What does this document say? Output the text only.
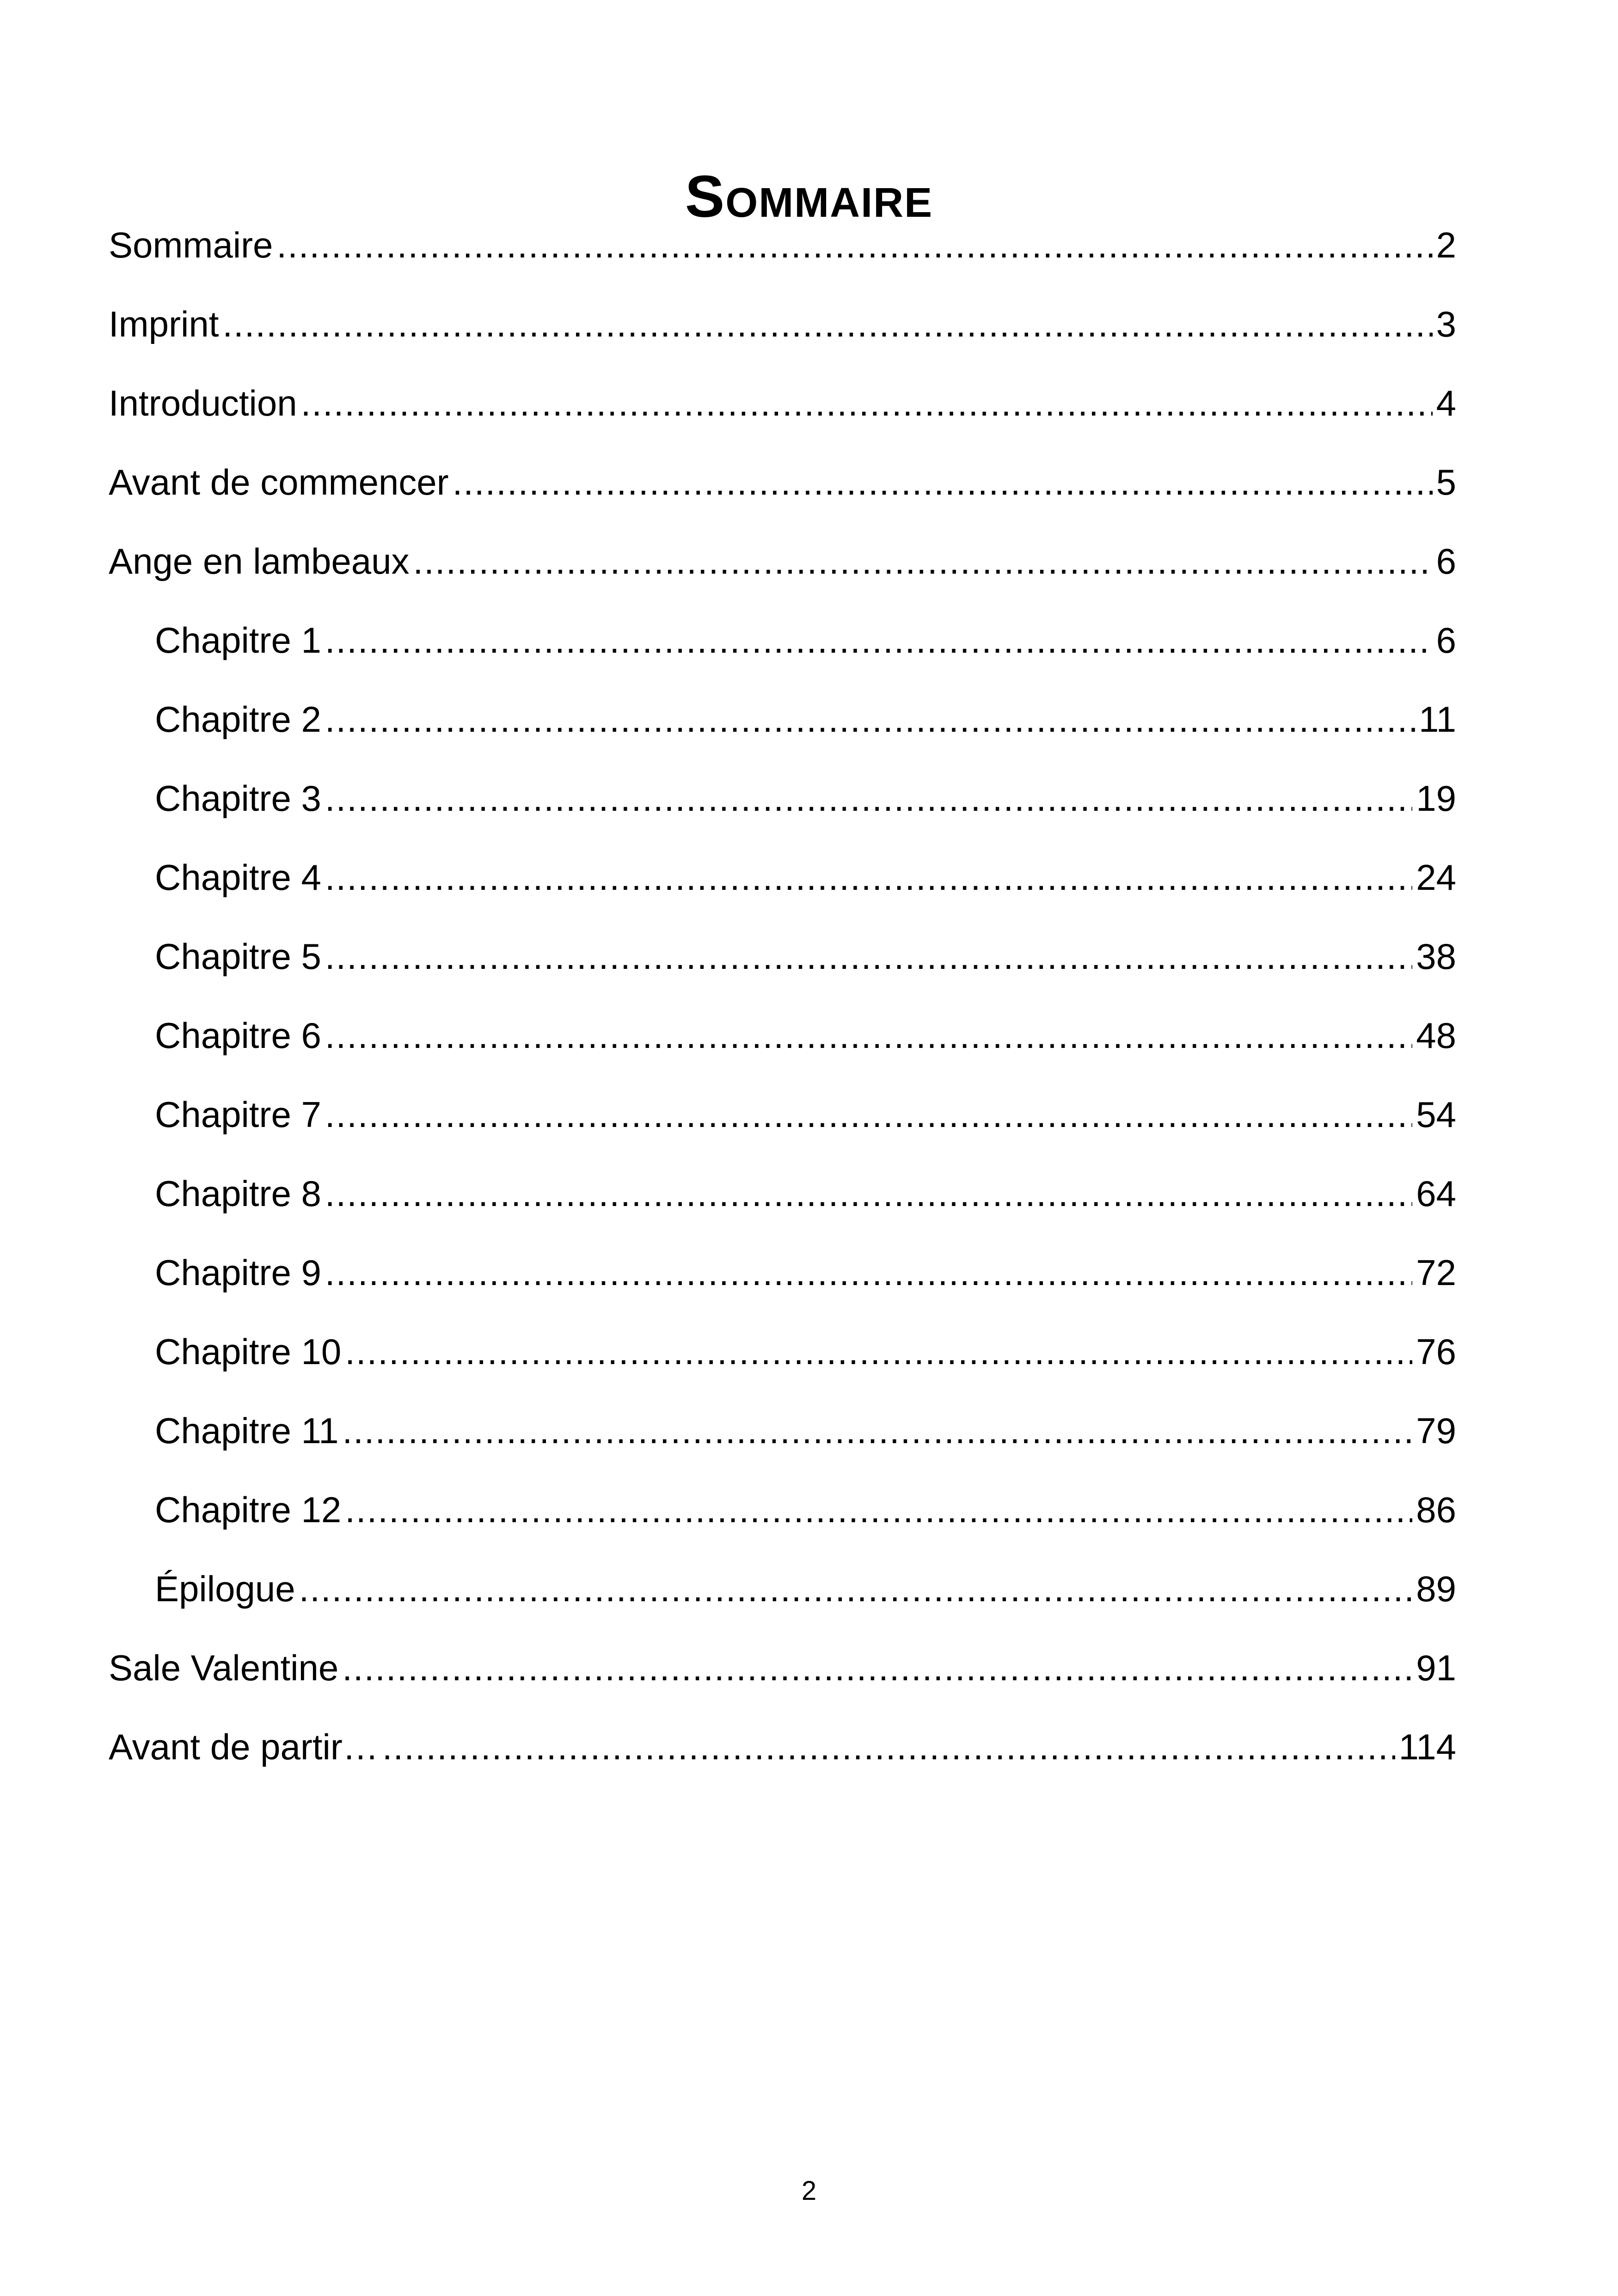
Sommaire
Sommaire .....	2
Imprint .....	3
Introduction .....	4
Avant de commencer .....	5
Ange en lambeaux .....	6
Chapitre 1 .....	6
Chapitre 2 .....	11
Chapitre 3 .....	19
Chapitre 4 .....	24
Chapitre 5 .....	38
Chapitre 6 .....	48
Chapitre 7 .....	54
Chapitre 8 .....	64
Chapitre 9 .....	72
Chapitre 10 .....	76
Chapitre 11 .....	79
Chapitre 12 .....	86
Épilogue .....	89
Sale Valentine .....	91
Avant de partir… .....	114
2
